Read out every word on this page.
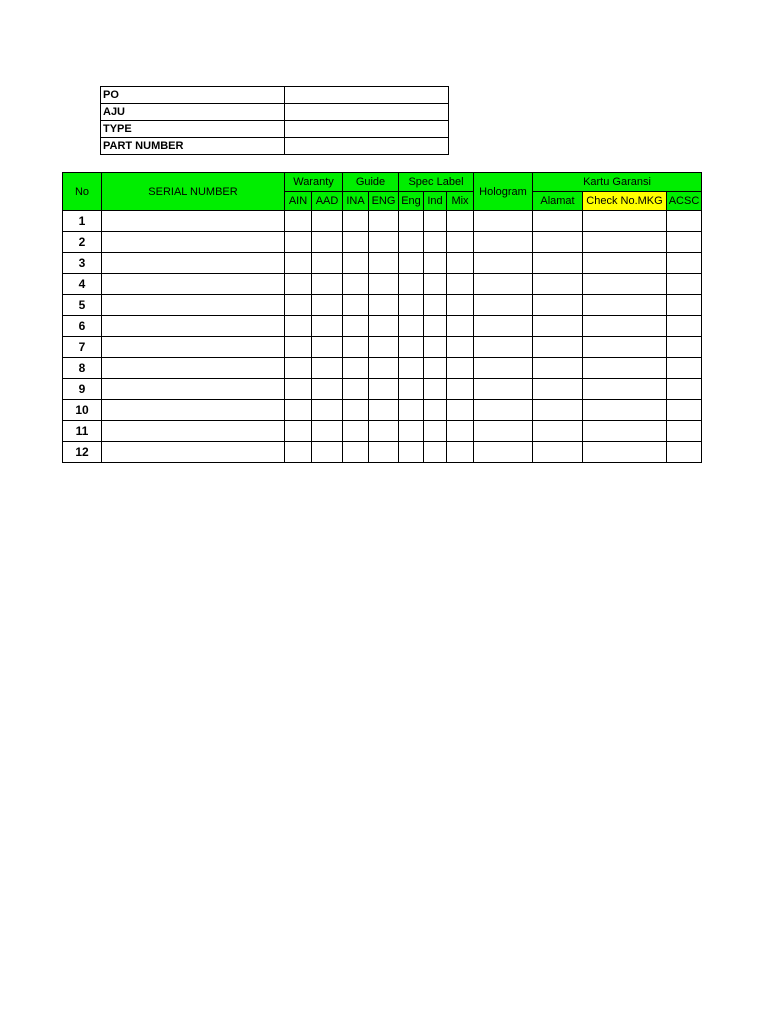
PO	
AJU	
TYPE	
PART NUMBER	
No	SERIAL NUMBER	Waranty		Guide		Spec Label			Hologram	Kartu Garansi		
		AIN	AAD	INA	ENG	Eng	Ind	Mix		Alamat	Check No.MKG	ACSC
1												
2												
3												
4												
5												
6												
7												
8												
9												
10												
11												
12												
